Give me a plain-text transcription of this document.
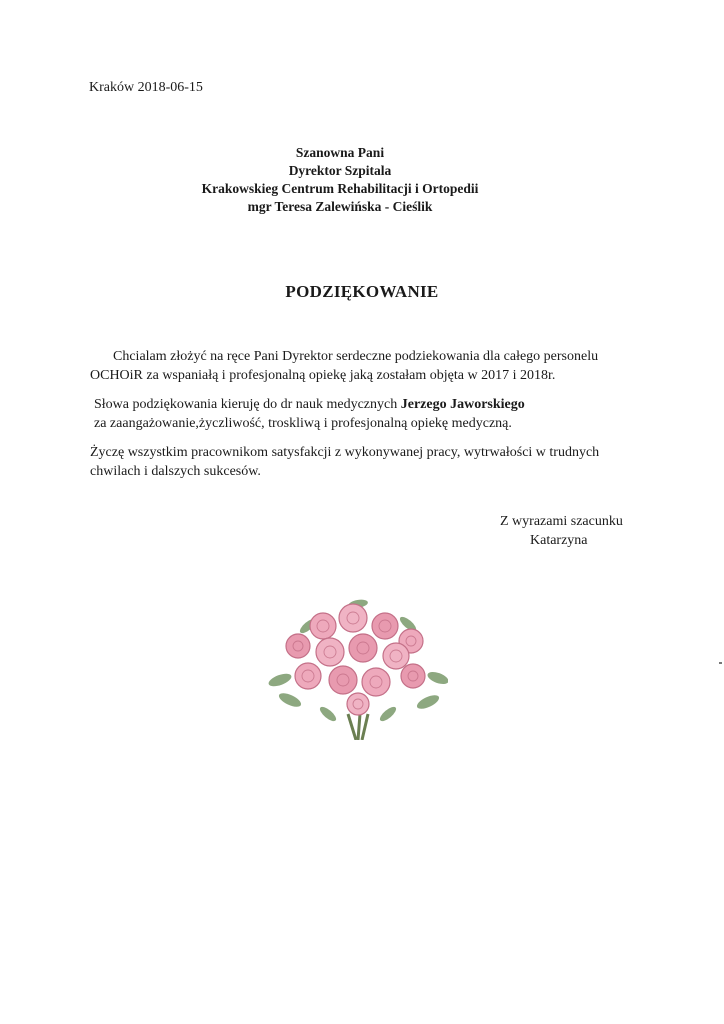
Kraków 2018-06-15
Szanowna Pani
Dyrektor Szpitala
Krakowskieg Centrum Rehabilitacji i Ortopedii
mgr Teresa Zalewińska - Cieślik
PODZIĘKOWANIE
Chcialam złożyć na ręce Pani Dyrektor serdeczne podziekowania dla całego personelu
OCHOiR za wspaniałą i profesjonalną opiekę jaką zostałam objęta w 2017 i 2018r.
Słowa podziękowania kieruję do dr nauk medycznych Jerzego Jaworskiego
za zaangażowanie,życzliwość, troskliwą i profesjonalną opiekę medyczną.
Życzę wszystkim pracownikom satysfakcji z wykonywanej pracy, wytrwałości w trudnych
chwilach i dalszych sukcesów.
Z wyrazami szacunku
Katarzyna
